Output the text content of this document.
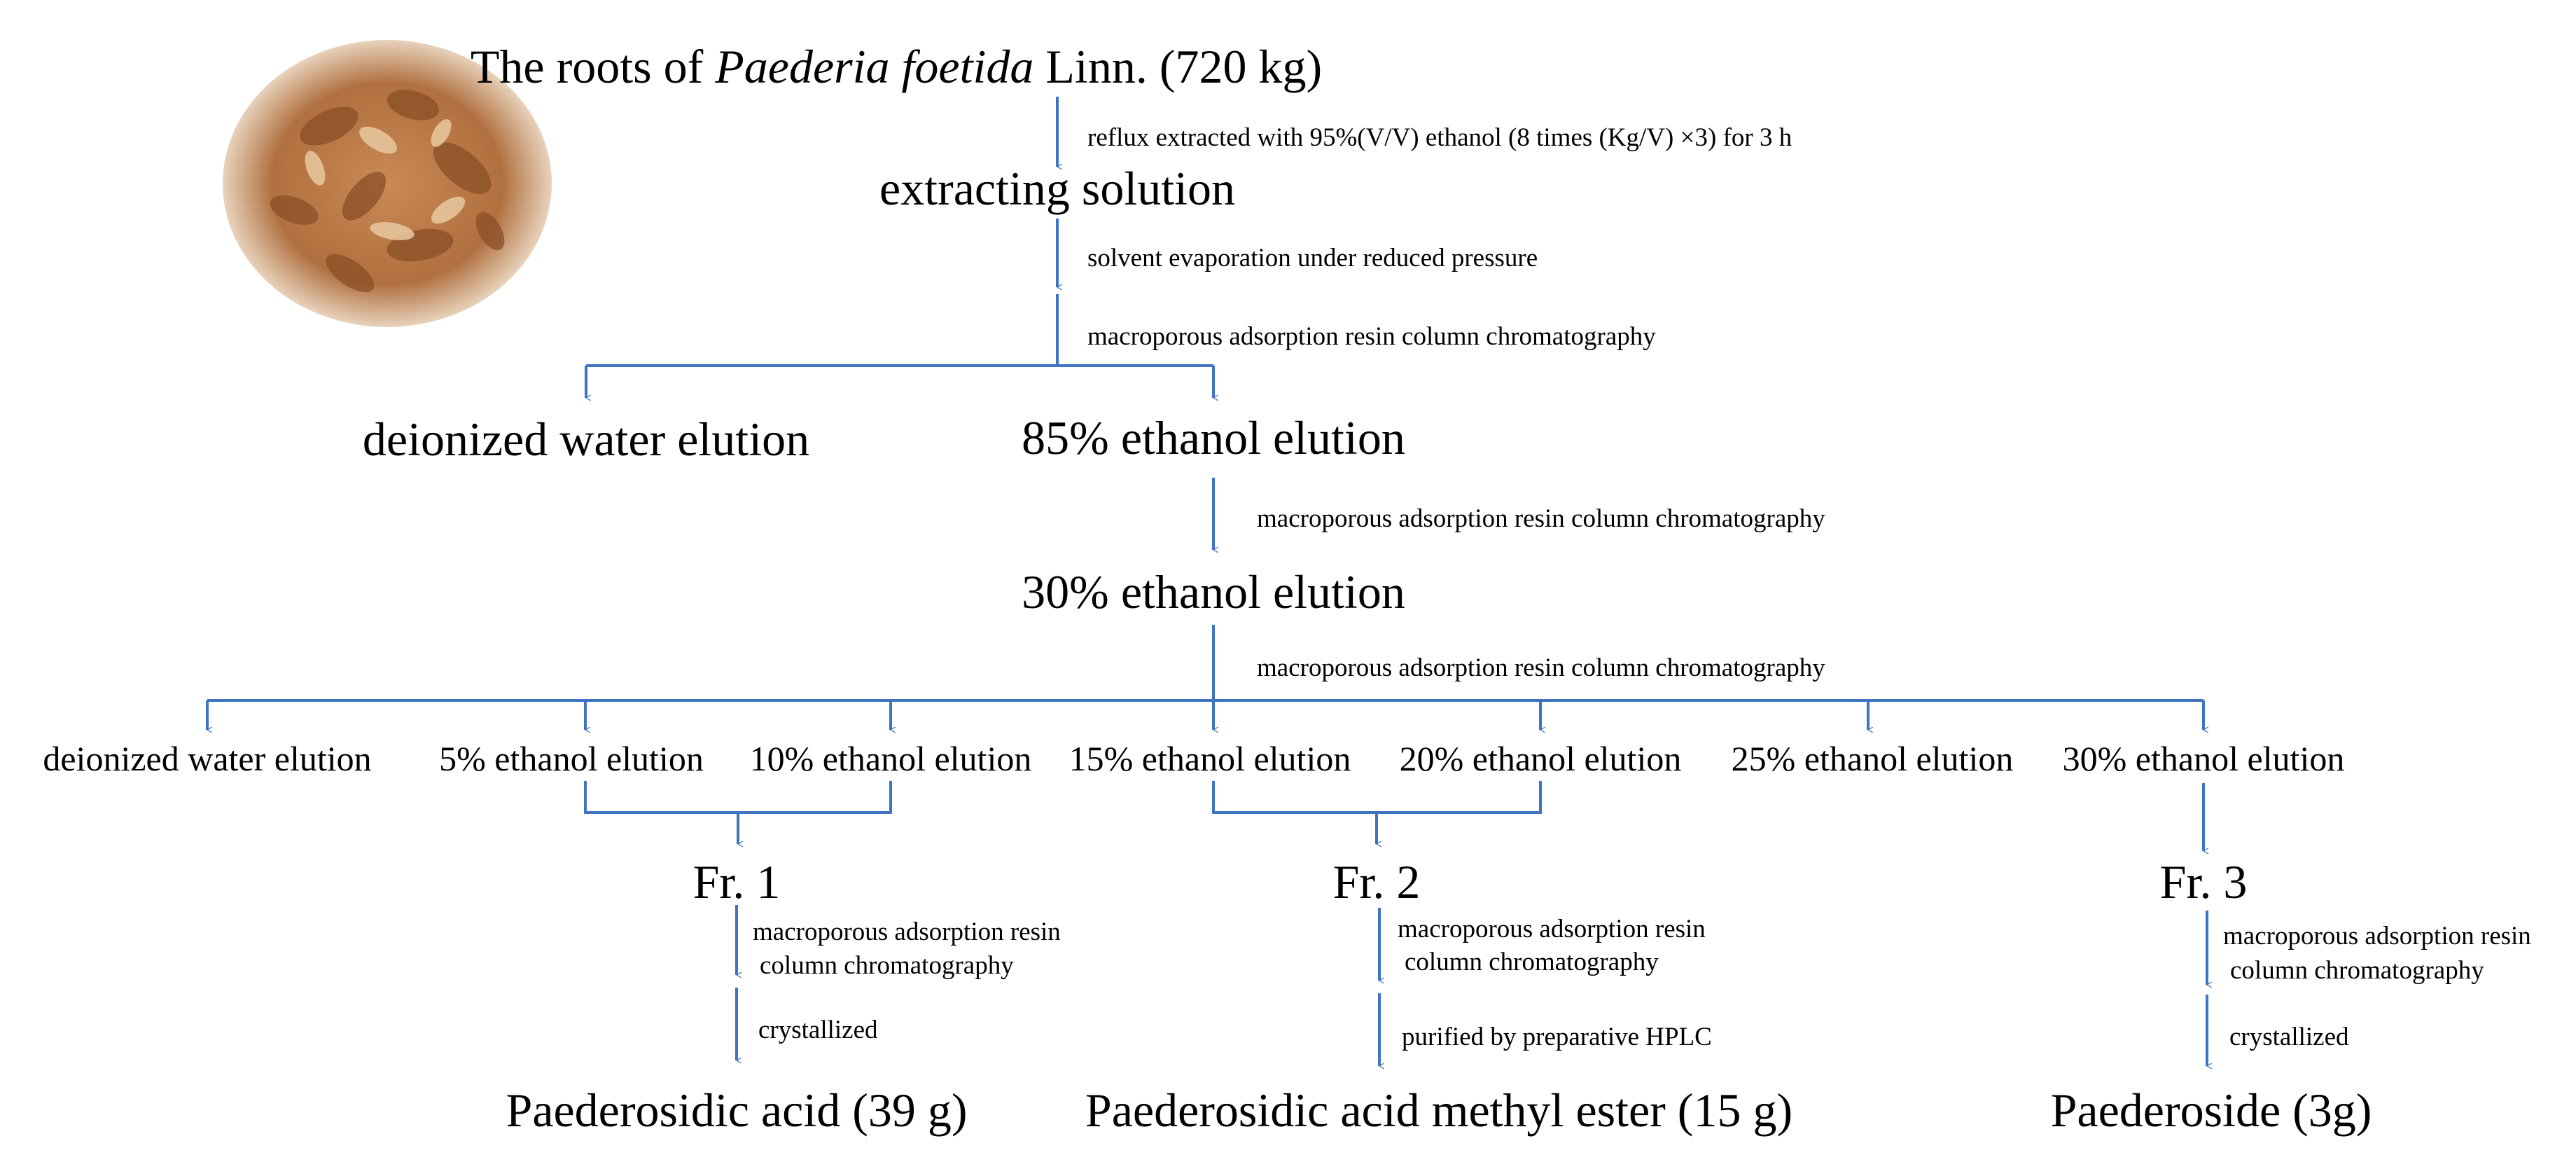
The roots of Paederia foetida Linn. (720 kg)
reflux extracted with 95%(V/V) ethanol (8 times (Kg/V) ×3) for 3 h
extracting solution
solvent evaporation under reduced pressure
macroporous adsorption resin column chromatography
deionized water elution	85% ethanol elution
macroporous adsorption resin column chromatography
30% ethanol elution
macroporous adsorption resin column chromatography
deionized water elution 5% ethanol elution 10% ethanol elution 15% ethanol elution 20% ethanol elution 25% ethanol elution 30% ethanol elution
Fr. 1	Fr. 2	Fr. 3
macroporous adsorption resin
column chromatography
crystallized
macroporous adsorption resin
column chromatography
purified by preparative HPLC
macroporous adsorption resin
column chromatography
crystallized
Paederosidic acid (39 g) Paederosidic acid methyl ester (15 g)	Paederoside (3g)
